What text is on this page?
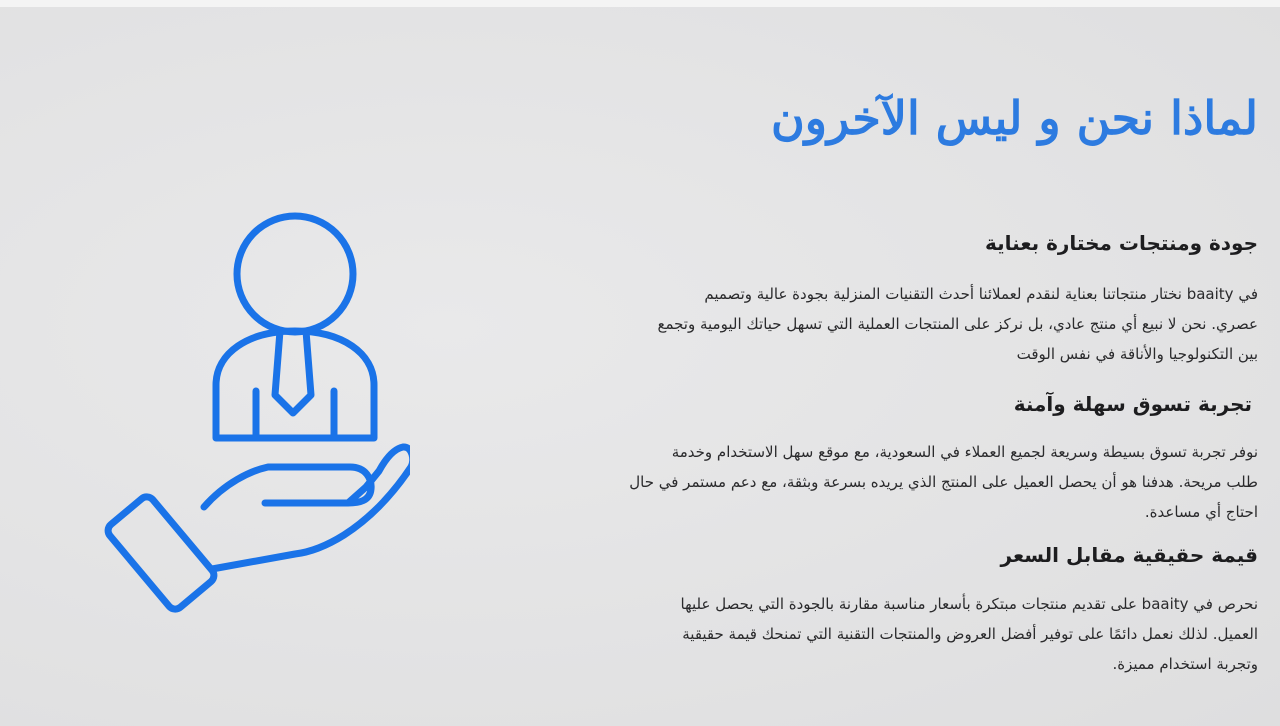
لماذا نحن و ليس الآخرون
جودة ومنتجات مختارة بعناية

في baaity نختار منتجاتنا بعناية لنقدم لعملائنا أحدث التقنيات المنزلية بجودة عالية وتصميم
عصري. نحن لا نبيع أي منتج عادي، بل نركز على المنتجات العملية التي تسهل حياتك اليومية وتجمع
بين التكنولوجيا والأناقة في نفس الوقت

تجربة تسوق سهلة وآمنة

نوفر تجربة تسوق بسيطة وسريعة لجميع العملاء في السعودية، مع موقع سهل الاستخدام وخدمة
طلب مريحة. هدفنا هو أن يحصل العميل على المنتج الذي يريده بسرعة وبثقة، مع دعم مستمر في حال
احتاج أي مساعدة.

قيمة حقيقية مقابل السعر

نحرص في baaity على تقديم منتجات مبتكرة بأسعار مناسبة مقارنة بالجودة التي يحصل عليها
العميل. لذلك نعمل دائمًا على توفير أفضل العروض والمنتجات التقنية التي تمنحك قيمة حقيقية
وتجربة استخدام مميزة.
